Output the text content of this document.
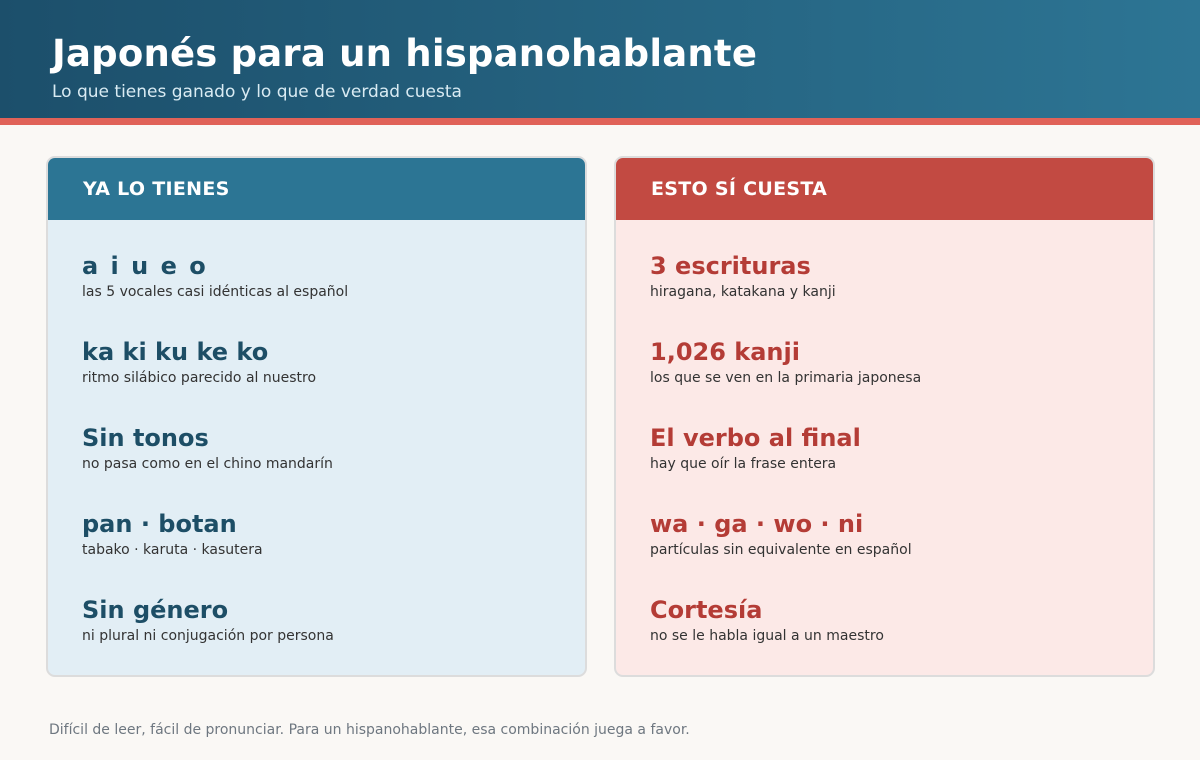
Japonés para un hispanohablante
Lo que tienes ganado y lo que de verdad cuesta
YA LO TIENES
a i u e o
las 5 vocales casi idénticas al español
ka ki ku ke ko
ritmo silábico parecido al nuestro
Sin tonos
no pasa como en el chino mandarín
pan · botan
tabako · karuta · kasutera
Sin género
ni plural ni conjugación por persona
ESTO SÍ CUESTA
3 escrituras
hiragana, katakana y kanji
1,026 kanji
los que se ven en la primaria japonesa
El verbo al final
hay que oír la frase entera
wa · ga · wo · ni
partículas sin equivalente en español
Cortesía
no se le habla igual a un maestro
Difícil de leer, fácil de pronunciar. Para un hispanohablante, esa combinación juega a favor.
